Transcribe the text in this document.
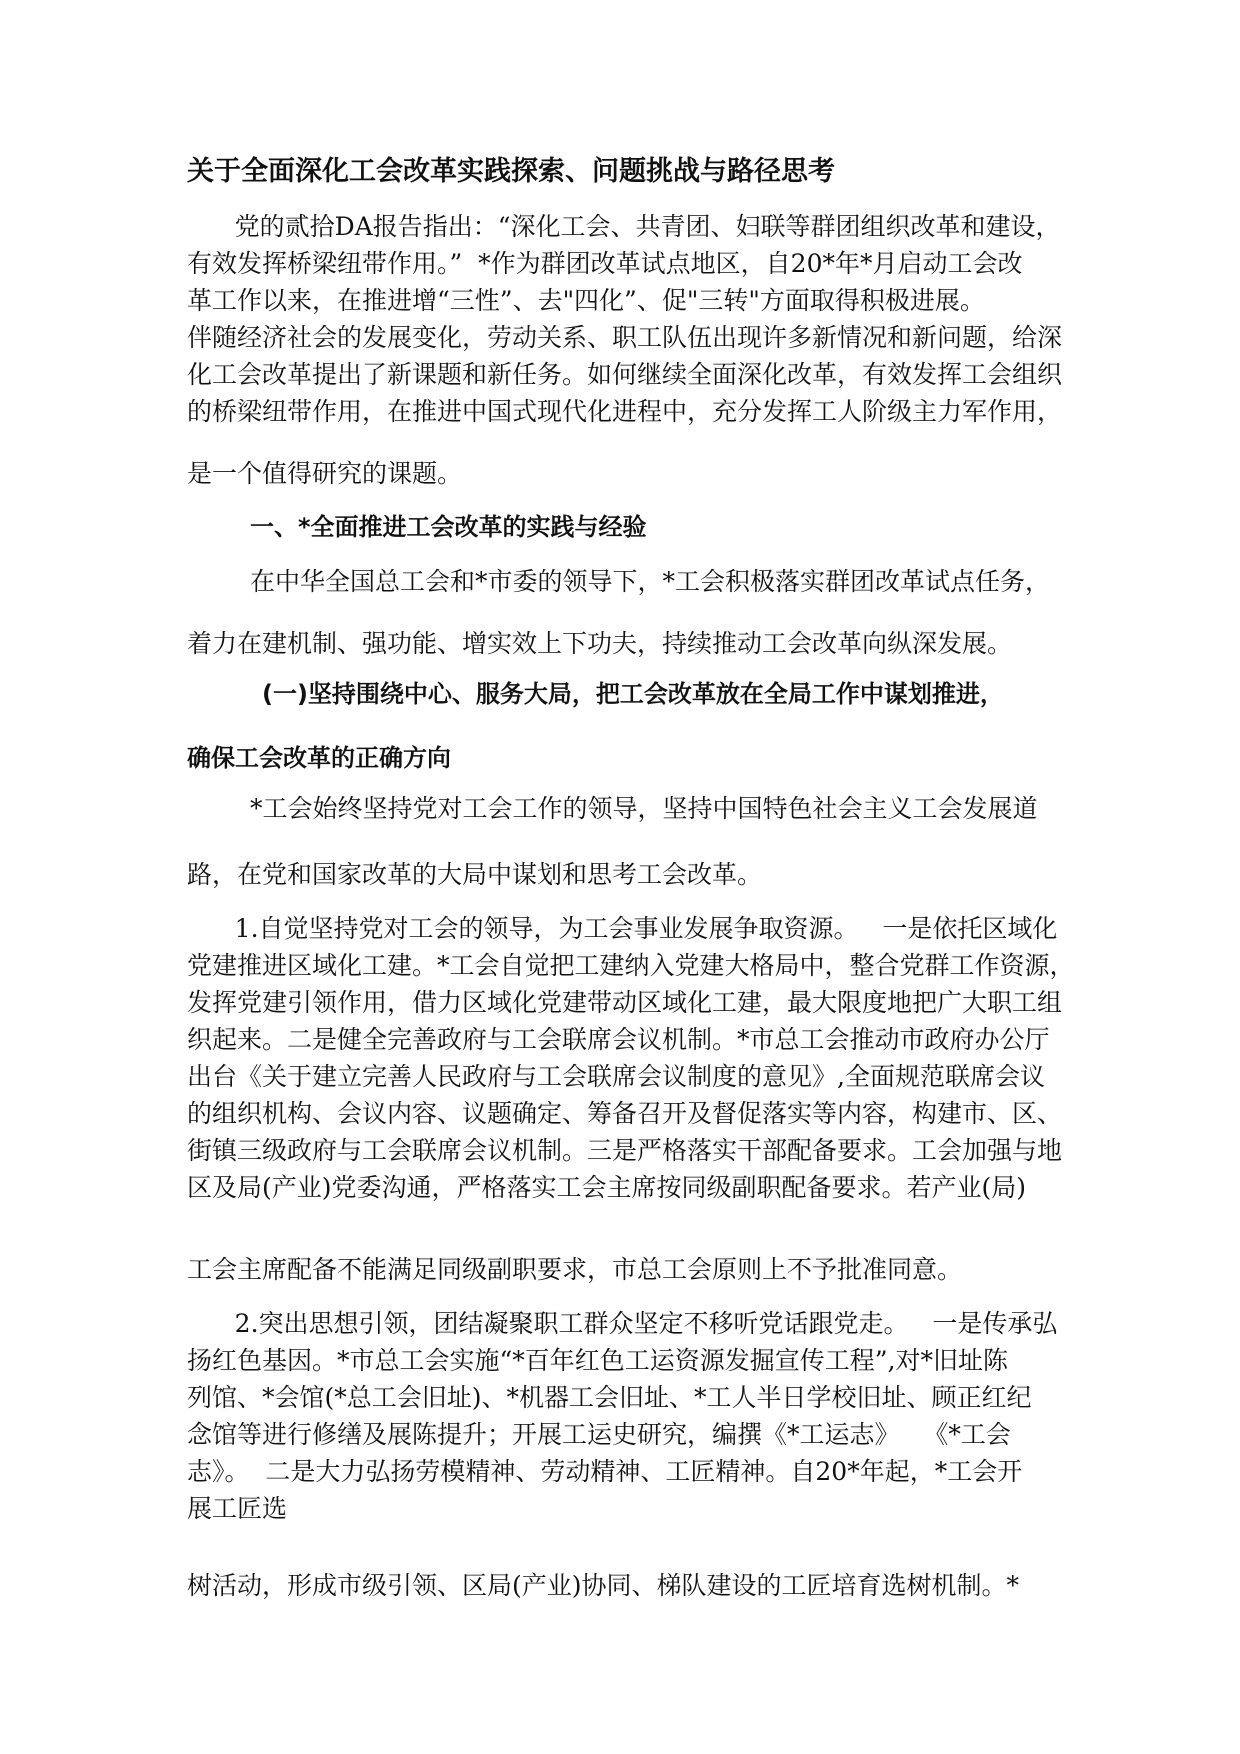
关于全面深化工会改革实践探索、问题挑战与路径思考
党的贰拾DA报告指出：“深化工会、共青团、妇联等群团组织改革和建设，
有效发挥桥梁纽带作用。”  *作为群团改革试点地区，自20*年*月启动工会改
革工作以来，在推进增“三性”、去"四化”、促"三转"方面取得积极进展。
伴随经济社会的发展变化，劳动关系、职工队伍出现许多新情况和新问题，给深
化工会改革提出了新课题和新任务。如何继续全面深化改革，有效发挥工会组织
的桥梁纽带作用，在推进中国式现代化进程中，充分发挥工人阶级主力军作用，
是一个值得研究的课题。
一、*全面推进工会改革的实践与经验
在中华全国总工会和*市委的领导下，*工会积极落实群团改革试点任务，
着力在建机制、强功能、增实效上下功夫，持续推动工会改革向纵深发展。
(一)坚持围绕中心、服务大局，把工会改革放在全局工作中谋划推进，
确保工会改革的正确方向
*工会始终坚持党对工会工作的领导，坚持中国特色社会主义工会发展道
路，在党和国家改革的大局中谋划和思考工会改革。
1.自觉坚持党对工会的领导，为工会事业发展争取资源。   一是依托区域化
党建推进区域化工建。*工会自觉把工建纳入党建大格局中，整合党群工作资源，
发挥党建引领作用，借力区域化党建带动区域化工建，最大限度地把广大职工组
织起来。二是健全完善政府与工会联席会议机制。*市总工会推动市政府办公厅
出台《关于建立完善人民政府与工会联席会议制度的意见》,全面规范联席会议
的组织机构、会议内容、议题确定、筹备召开及督促落实等内容，构建市、区、
街镇三级政府与工会联席会议机制。三是严格落实干部配备要求。工会加强与地
区及局(产业)党委沟通，严格落实工会主席按同级副职配备要求。若产业(局)
工会主席配备不能满足同级副职要求，市总工会原则上不予批准同意。
2.突出思想引领，团结凝聚职工群众坚定不移听党话跟党走。   一是传承弘
扬红色基因。*市总工会实施“*百年红色工运资源发掘宣传工程”,对*旧址陈
列馆、*会馆(*总工会旧址)、*机器工会旧址、*工人半日学校旧址、顾正红纪
念馆等进行修缮及展陈提升；开展工运史研究，编撰《*工运志》   《*工会
志》。  二是大力弘扬劳模精神、劳动精神、工匠精神。自20*年起，*工会开
展工匠选
树活动，形成市级引领、区局(产业)协同、梯队建设的工匠培育选树机制。*
